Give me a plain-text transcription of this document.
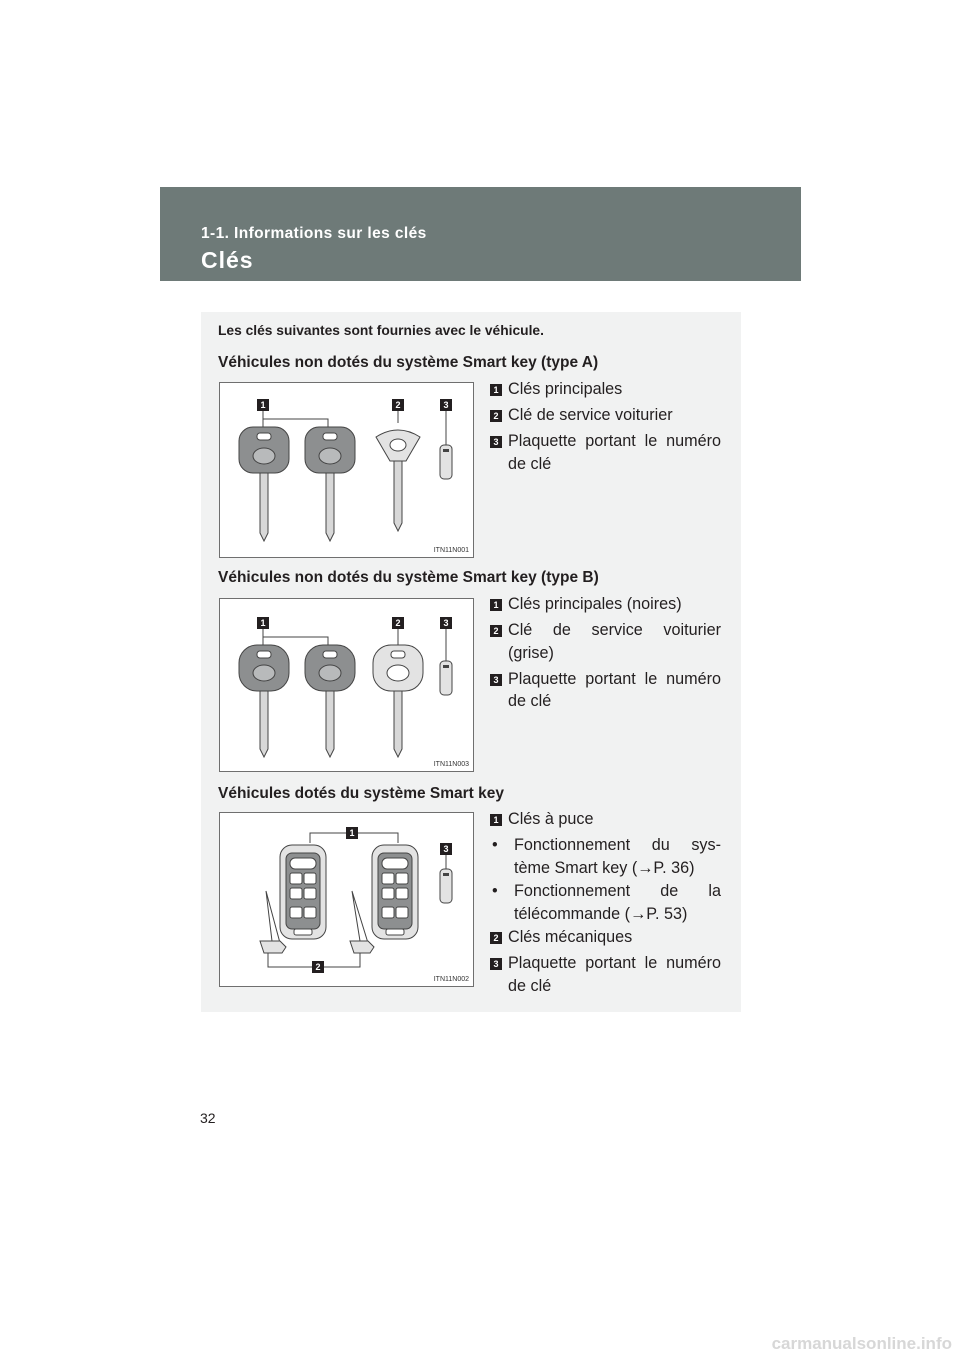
1-1. Informations sur les clés
Clés
Les clés suivantes sont fournies avec le véhicule.
Véhicules non dotés du système Smart key (type A)
1	2	3
ITN11N001
1 Clés principales
2 Clé de service voiturier
3 Plaquette portant le numéro de clé
Véhicules non dotés du système Smart key (type B)
1	2	3
ITN11N003
1 Clés principales (noires)
2 Clé de service voiturier (grise)
3 Plaquette portant le numéro de clé
Véhicules dotés du système Smart key
1
2
3
ITN11N002
1 Clés à puce
• Fonctionnement du sys-tème Smart key (→P. 36)
• Fonctionnement de la télécommande (→P. 53)
2 Clés mécaniques
3 Plaquette portant le numéro de clé
32
carmanualsonline.info
